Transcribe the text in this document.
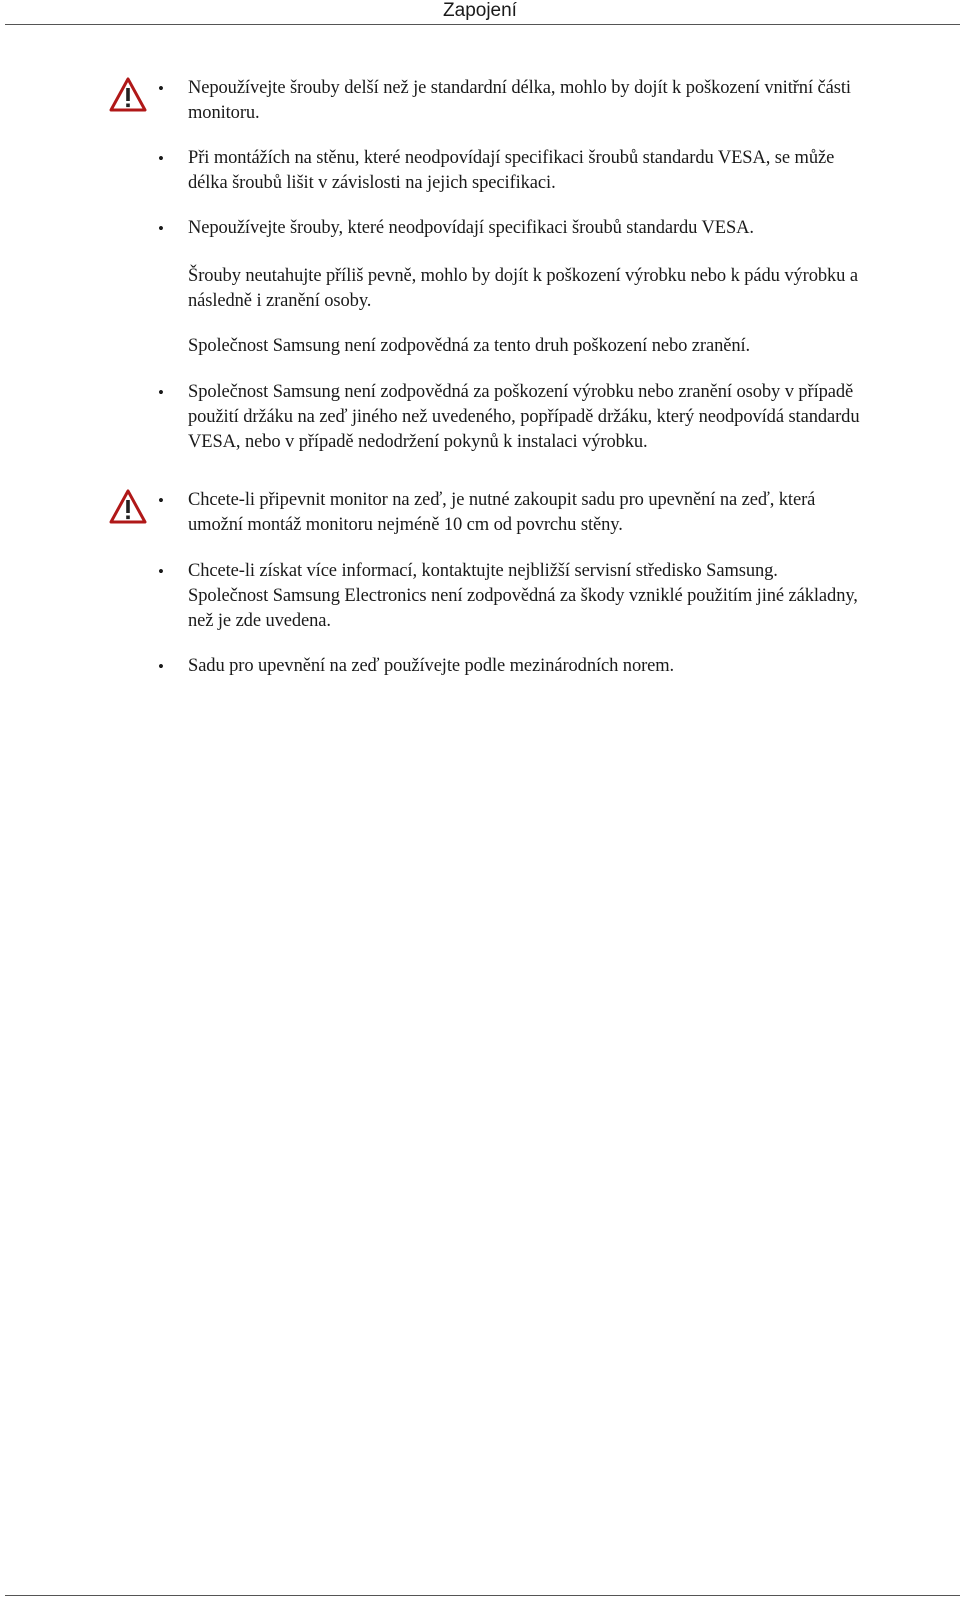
Zapojení
• Nepoužívejte šrouby delší než je standardní délka, mohlo by dojít k poškození vnitřní části monitoru.
• Při montážích na stěnu, které neodpovídají specifikaci šroubů standardu VESA, se může délka šroubů lišit v závislosti na jejich specifikaci.
• Nepoužívejte šrouby, které neodpovídají specifikaci šroubů standardu VESA.
Šrouby neutahujte příliš pevně, mohlo by dojít k poškození výrobku nebo k pádu výrobku a následně i zranění osoby.
Společnost Samsung není zodpovědná za tento druh poškození nebo zranění.
• Společnost Samsung není zodpovědná za poškození výrobku nebo zranění osoby v případě použití držáku na zeď jiného než uvedeného, popřípadě držáku, který neodpovídá standardu VESA, nebo v případě nedodržení pokynů k instalaci výrobku.
• Chcete-li připevnit monitor na zeď, je nutné zakoupit sadu pro upevnění na zeď, která umožní montáž monitoru nejméně 10 cm od povrchu stěny.
• Chcete-li získat více informací, kontaktujte nejbližší servisní středisko Samsung. Společnost Samsung Electronics není zodpovědná za škody vzniklé použitím jiné základny, než je zde uvedena.
• Sadu pro upevnění na zeď používejte podle mezinárodních norem.
